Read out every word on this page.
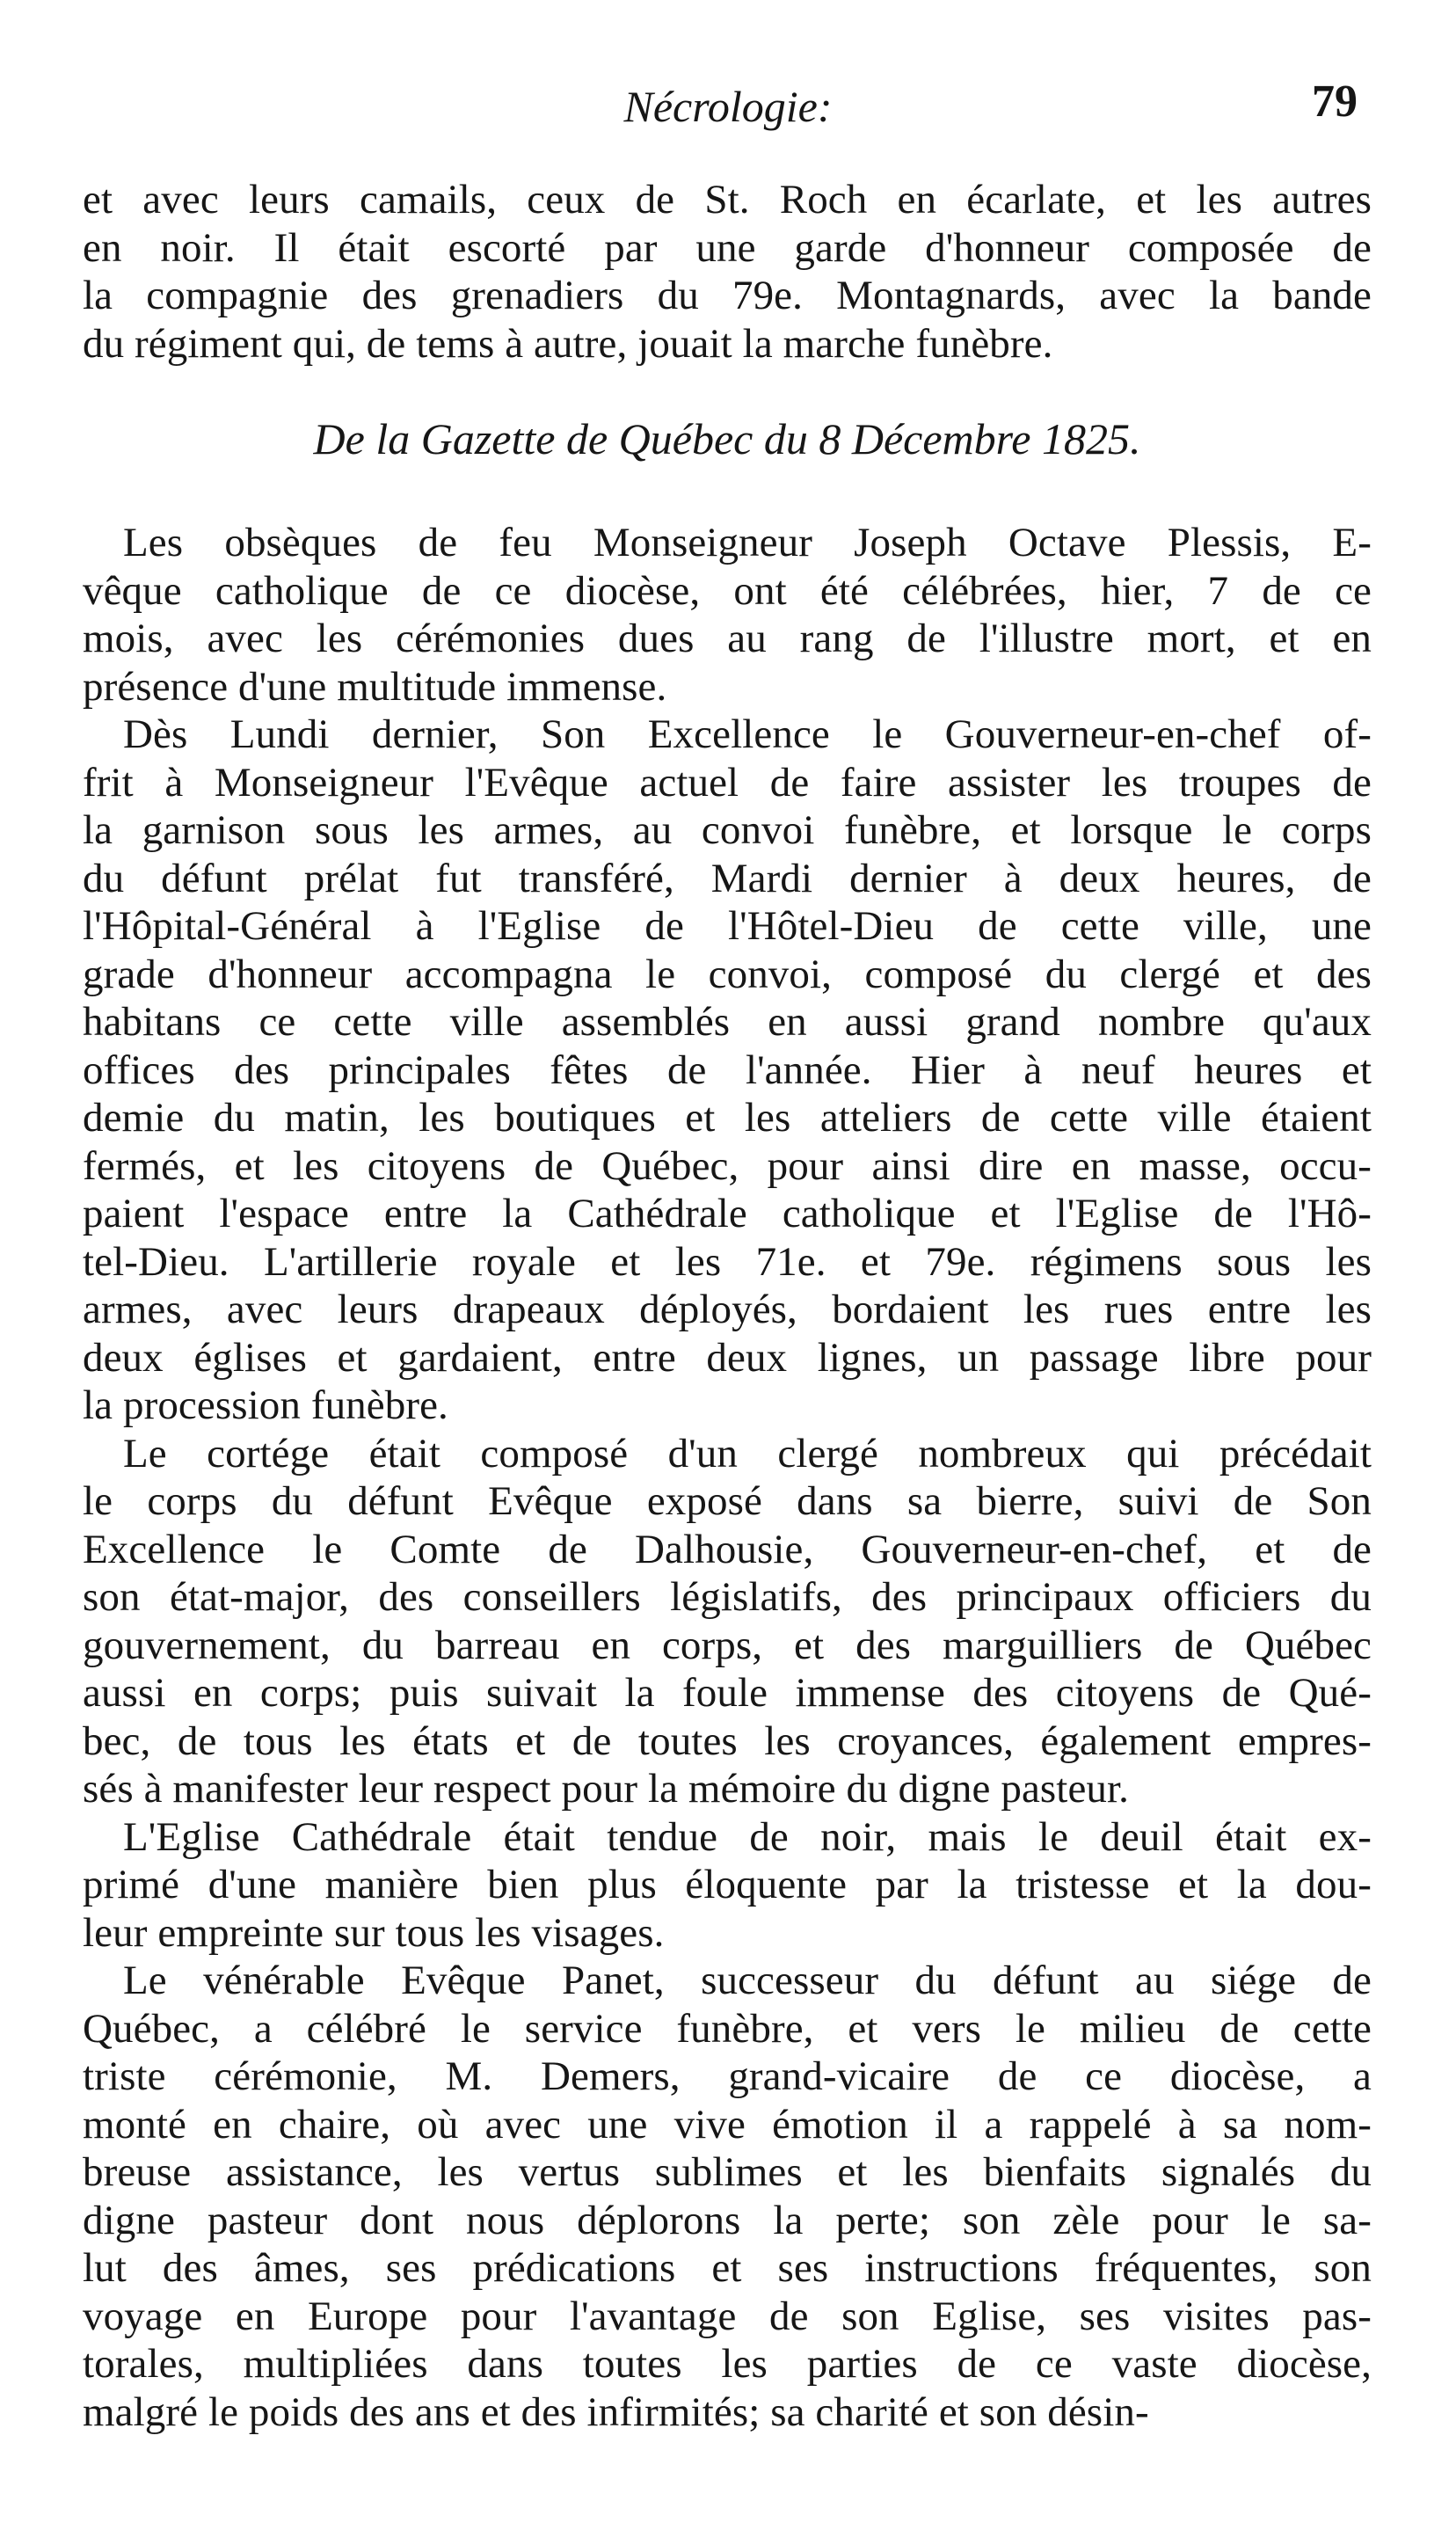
Nécrologie:	79
et avec leurs camails, ceux de St. Roch en écarlate, et les autres
en noir. Il était escorté par une garde d'honneur composée de
la compagnie des grenadiers du 79e. Montagnards, avec la bande
du régiment qui, de tems à autre, jouait la marche funèbre.
De la Gazette de Québec du 8 Décembre 1825.
Les obsèques de feu Monseigneur Joseph Octave Plessis, E-
vêque catholique de ce diocèse, ont été célébrées, hier, 7 de ce
mois, avec les cérémonies dues au rang de l'illustre mort, et en
présence d'une multitude immense.
Dès Lundi dernier, Son Excellence le Gouverneur-en-chef of-
frit à Monseigneur l'Evêque actuel de faire assister les troupes de
la garnison sous les armes, au convoi funèbre, et lorsque le corps
du défunt prélat fut transféré, Mardi dernier à deux heures, de
l'Hôpital-Général à l'Eglise de l'Hôtel-Dieu de cette ville, une
grade d'honneur accompagna le convoi, composé du clergé et des
habitans ce cette ville assemblés en aussi grand nombre qu'aux
offices des principales fêtes de l'année. Hier à neuf heures et
demie du matin, les boutiques et les atteliers de cette ville étaient
fermés, et les citoyens de Québec, pour ainsi dire en masse, occu-
paient l'espace entre la Cathédrale catholique et l'Eglise de l'Hô-
tel-Dieu. L'artillerie royale et les 71e. et 79e. régimens sous les
armes, avec leurs drapeaux déployés, bordaient les rues entre les
deux églises et gardaient, entre deux lignes, un passage libre pour
la procession funèbre.
Le cortége était composé d'un clergé nombreux qui précédait
le corps du défunt Evêque exposé dans sa bierre, suivi de Son
Excellence le Comte de Dalhousie, Gouverneur-en-chef, et de
son état-major, des conseillers législatifs, des principaux officiers du
gouvernement, du barreau en corps, et des marguilliers de Québec
aussi en corps; puis suivait la foule immense des citoyens de Qué-
bec, de tous les états et de toutes les croyances, également empres-
sés à manifester leur respect pour la mémoire du digne pasteur.
L'Eglise Cathédrale était tendue de noir, mais le deuil était ex-
primé d'une manière bien plus éloquente par la tristesse et la dou-
leur empreinte sur tous les visages.
Le vénérable Evêque Panet, successeur du défunt au siége de
Québec, a célébré le service funèbre, et vers le milieu de cette
triste cérémonie, M. Demers, grand-vicaire de ce diocèse, a
monté en chaire, où avec une vive émotion il a rappelé à sa nom-
breuse assistance, les vertus sublimes et les bienfaits signalés du
digne pasteur dont nous déplorons la perte; son zèle pour le sa-
lut des âmes, ses prédications et ses instructions fréquentes, son
voyage en Europe pour l'avantage de son Eglise, ses visites pas-
torales, multipliées dans toutes les parties de ce vaste diocèse,
malgré le poids des ans et des infirmités; sa charité et son désin-
